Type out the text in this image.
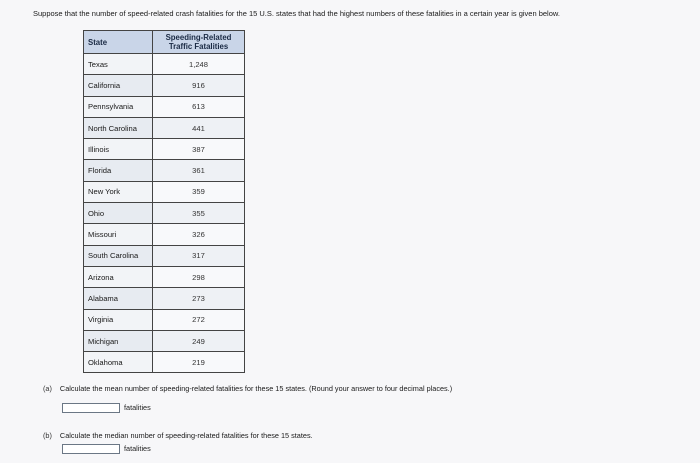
Suppose that the number of speed-related crash fatalities for the 15 U.S. states that had the highest numbers of these fatalities in a certain year is given below.
State	Speeding-Related
Traffic Fatalities
Texas	1,248
California	916
Pennsylvania	613
North Carolina	441
Illinois	387
Florida	361
New York	359
Ohio	355
Missouri	326
South Carolina	317
Arizona	298
Alabama	273
Virginia	272
Michigan	249
Oklahoma	219
(a) Calculate the mean number of speeding-related fatalities for these 15 states. (Round your answer to four decimal places.)
fatalities
(b) Calculate the median number of speeding-related fatalities for these 15 states.
fatalities
